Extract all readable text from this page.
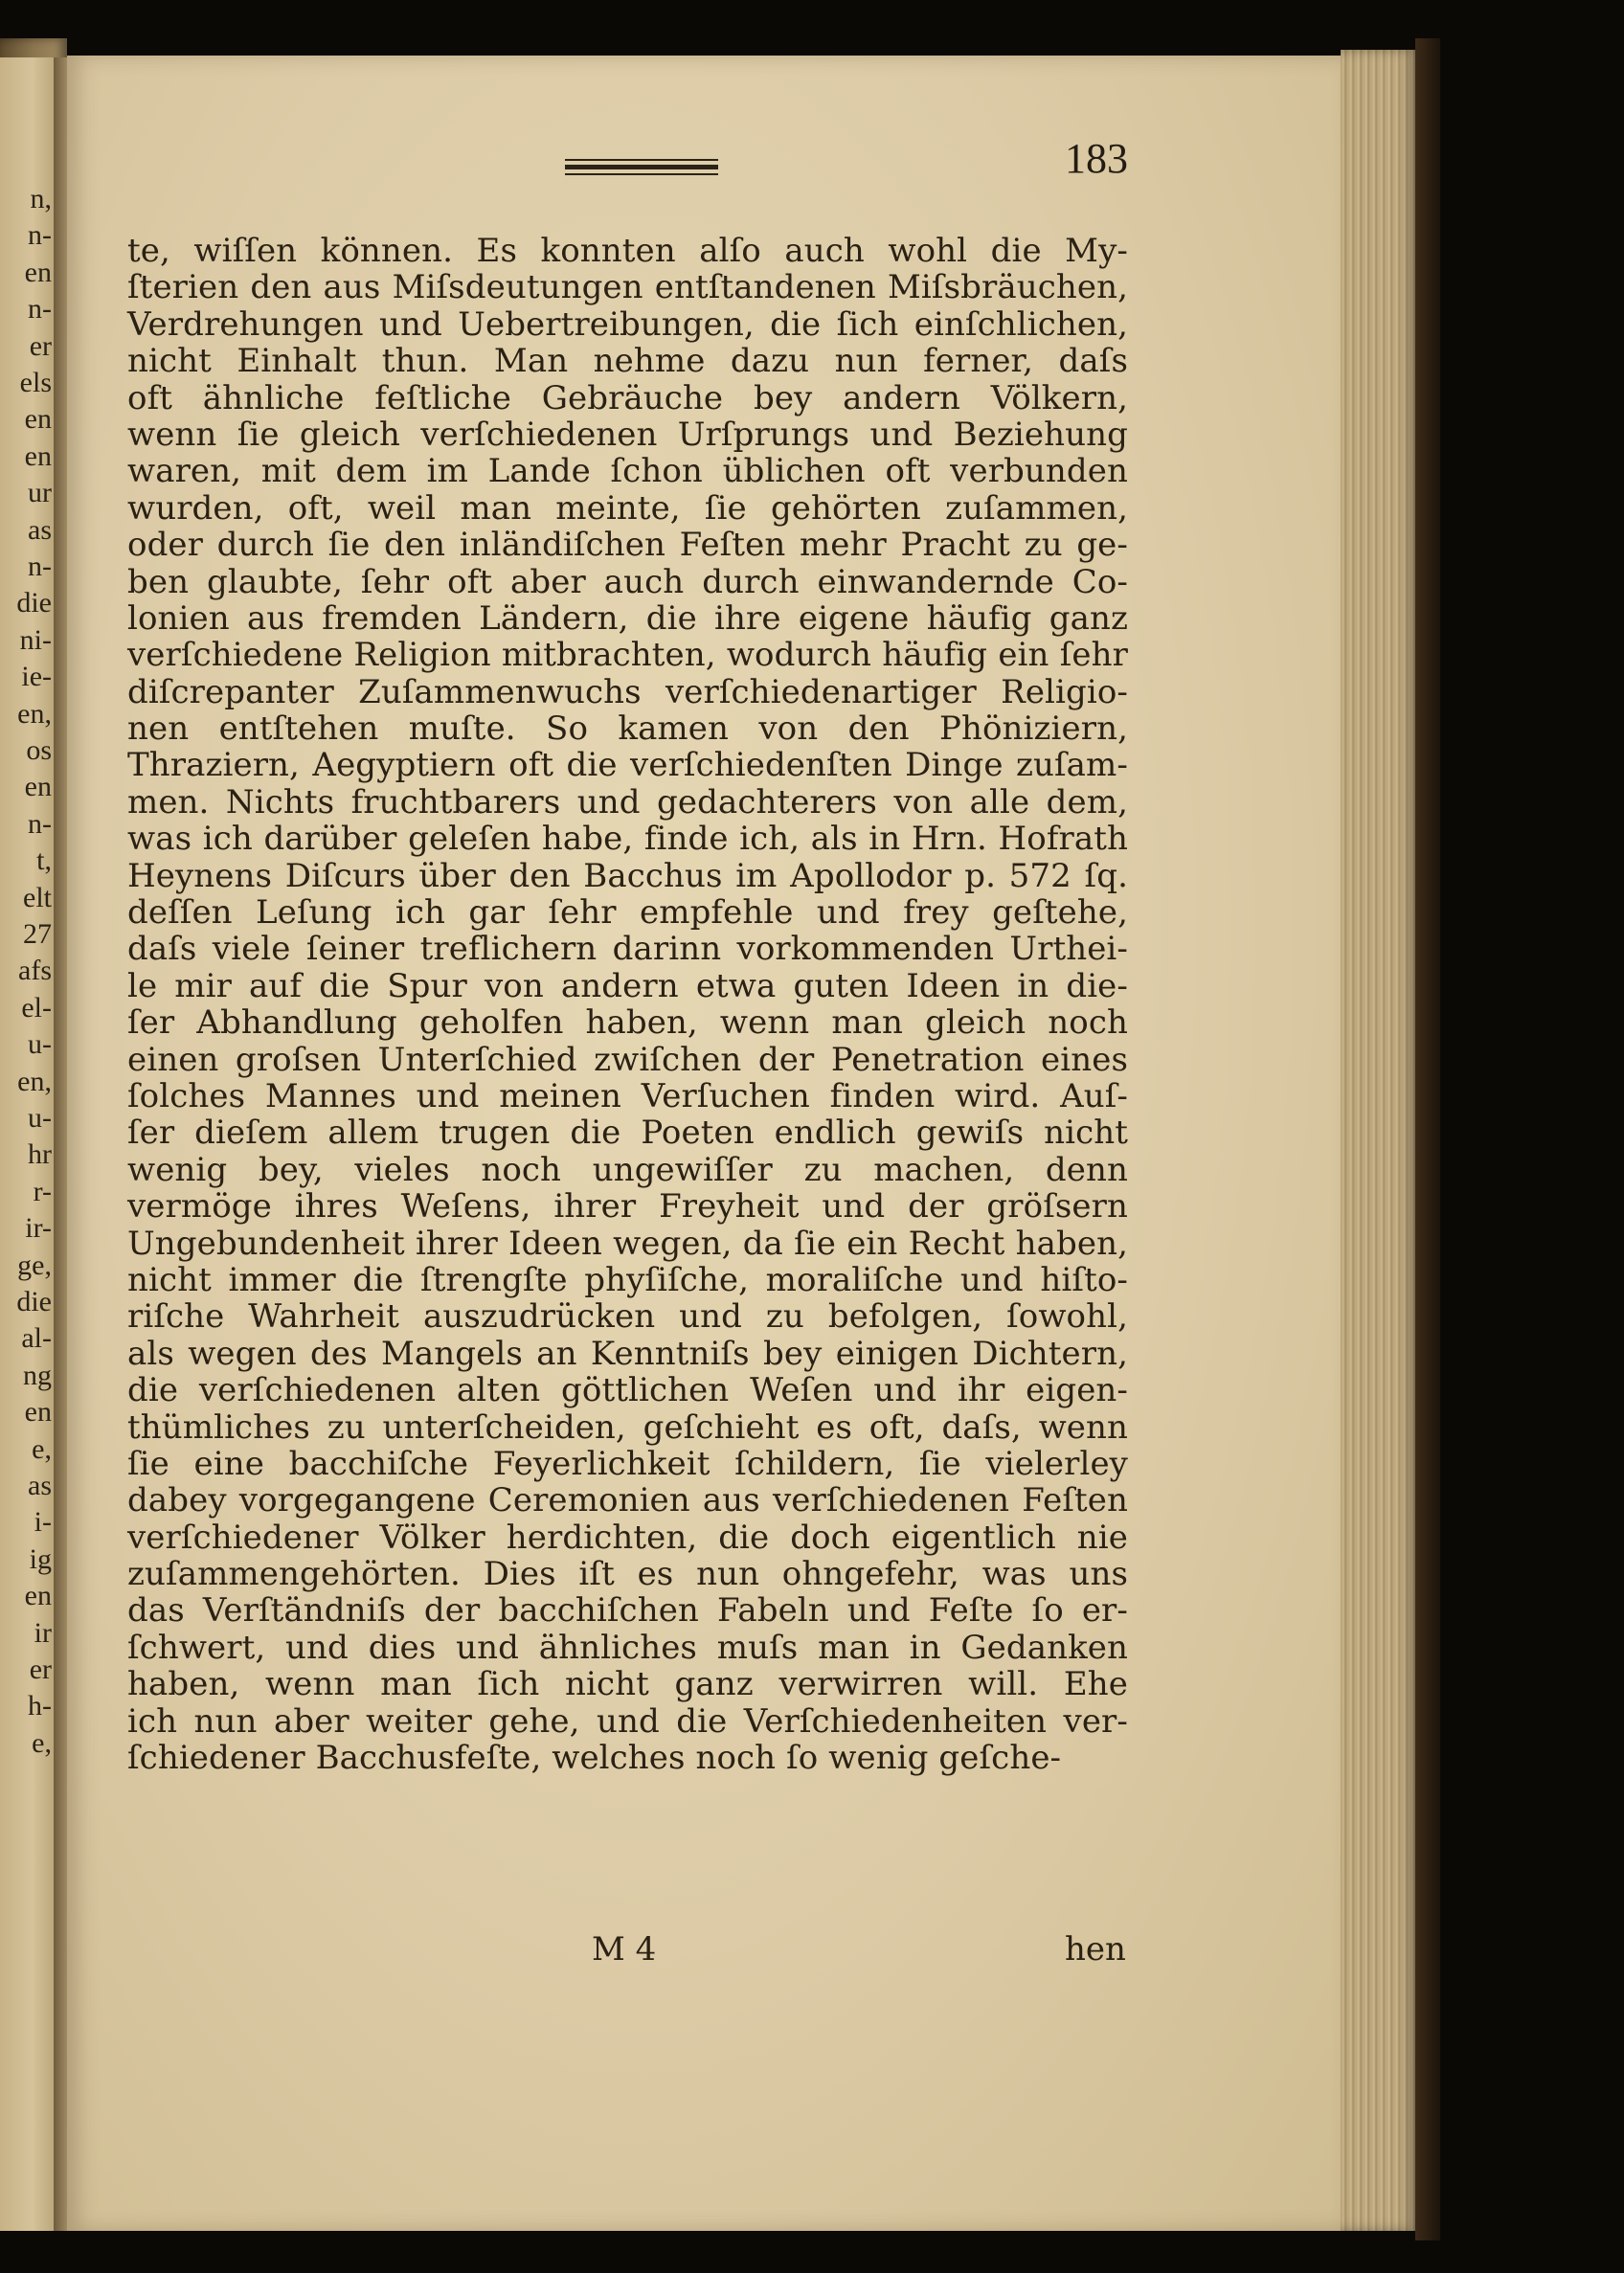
n,
n-
en
n-
er
els
en
en
ur
as
n-
die
ni-
ie-
en,
os
en
n-
t,
elt
27
afs
el-
u-
en,
u-
hr
r-
ir-
ge,
die
al-
ng
en
e,
as
i-
ig
en
ir
er
h-
e,
183
te, wiſſen können. Es konnten alſo auch wohl die My-
ſterien den aus Miſsdeutungen entſtandenen Miſsbräuchen,
Verdrehungen und Uebertreibungen, die ſich einſchlichen,
nicht Einhalt thun. Man nehme dazu nun ferner, daſs
oft ähnliche feſtliche Gebräuche bey andern Völkern,
wenn ſie gleich verſchiedenen Urſprungs und Beziehung
waren, mit dem im Lande ſchon üblichen oft verbunden
wurden, oft, weil man meinte, ſie gehörten zuſammen,
oder durch ſie den inländiſchen Feſten mehr Pracht zu ge-
ben glaubte, ſehr oft aber auch durch einwandernde Co-
lonien aus fremden Ländern, die ihre eigene häufig ganz
verſchiedene Religion mitbrachten, wodurch häufig ein ſehr
diſcrepanter Zuſammenwuchs verſchiedenartiger Religio-
nen entſtehen muſte. So kamen von den Phöniziern,
Thraziern, Aegyptiern oft die verſchiedenſten Dinge zuſam-
men. Nichts fruchtbarers und gedachterers von alle dem,
was ich darüber geleſen habe, finde ich, als in Hrn. Hofrath
Heynens Diſcurs über den Bacchus im Apollodor p. 572 ſq.
deſſen Leſung ich gar ſehr empfehle und frey geſtehe,
daſs viele ſeiner treflichern darinn vorkommenden Urthei-
le mir auf die Spur von andern etwa guten Ideen in die-
ſer Abhandlung geholfen haben, wenn man gleich noch
einen groſsen Unterſchied zwiſchen der Penetration eines
ſolches Mannes und meinen Verſuchen finden wird. Auſ-
ſer dieſem allem trugen die Poeten endlich gewiſs nicht
wenig bey, vieles noch ungewiſſer zu machen, denn
vermöge ihres Weſens, ihrer Freyheit und der gröſsern
Ungebundenheit ihrer Ideen wegen, da ſie ein Recht haben,
nicht immer die ſtrengſte phyſiſche, moraliſche und hiſto-
riſche Wahrheit auszudrücken und zu befolgen, ſowohl,
als wegen des Mangels an Kenntniſs bey einigen Dichtern,
die verſchiedenen alten göttlichen Weſen und ihr eigen-
thümliches zu unterſcheiden, geſchieht es oft, daſs, wenn
ſie eine bacchiſche Feyerlichkeit ſchildern, ſie vielerley
dabey vorgegangene Ceremonien aus verſchiedenen Feſten
verſchiedener Völker herdichten, die doch eigentlich nie
zuſammengehörten. Dies iſt es nun ohngefehr, was uns
das Verſtändniſs der bacchiſchen Fabeln und Feſte ſo er-
ſchwert, und dies und ähnliches muſs man in Gedanken
haben, wenn man ſich nicht ganz verwirren will. Ehe
ich nun aber weiter gehe, und die Verſchiedenheiten ver-
ſchiedener Bacchusfeſte, welches noch ſo wenig geſche-
M 4	hen
